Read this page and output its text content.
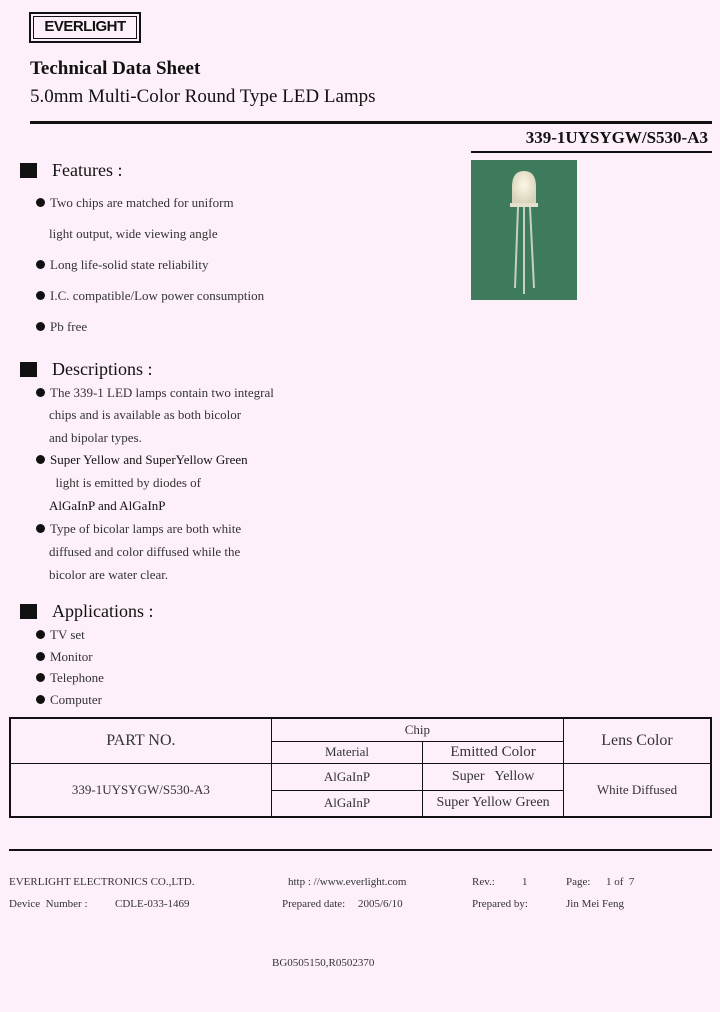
EVERLIGHT
Technical Data Sheet
5.0mm Multi-Color Round Type LED Lamps
339-1UYSYGW/S530-A3
Features :
Two chips are matched for uniform
light output, wide viewing angle
Long life-solid state reliability
I.C. compatible/Low power consumption
Pb free
Descriptions :
The 339-1 LED lamps contain two integral
chips and is available as both bicolor
and bipolar types.
Super Yellow and SuperYellow Green
light is emitted by diodes of
AlGaInP and AlGaInP
Type of bicolar lamps are both white
diffused and color diffused while the
bicolor are water clear.
Applications :
TV set
Monitor
Telephone
Computer
PART NO.	Chip		Lens Color
	Material	Emitted Color	
339-1UYSYGW/S530-A3	AlGaInP	Super   Yellow	White Diffused
	AlGaInP	Super Yellow Green	
EVERLIGHT ELECTRONICS CO.,LTD.	http : //www.everlight.com	Rev.: 1	Page: 1 of  7
Device  Number :	CDLE-033-1469	Prepared date: 2005/6/10	Prepared by:	Jin Mei Feng
BG0505150,R0502370
